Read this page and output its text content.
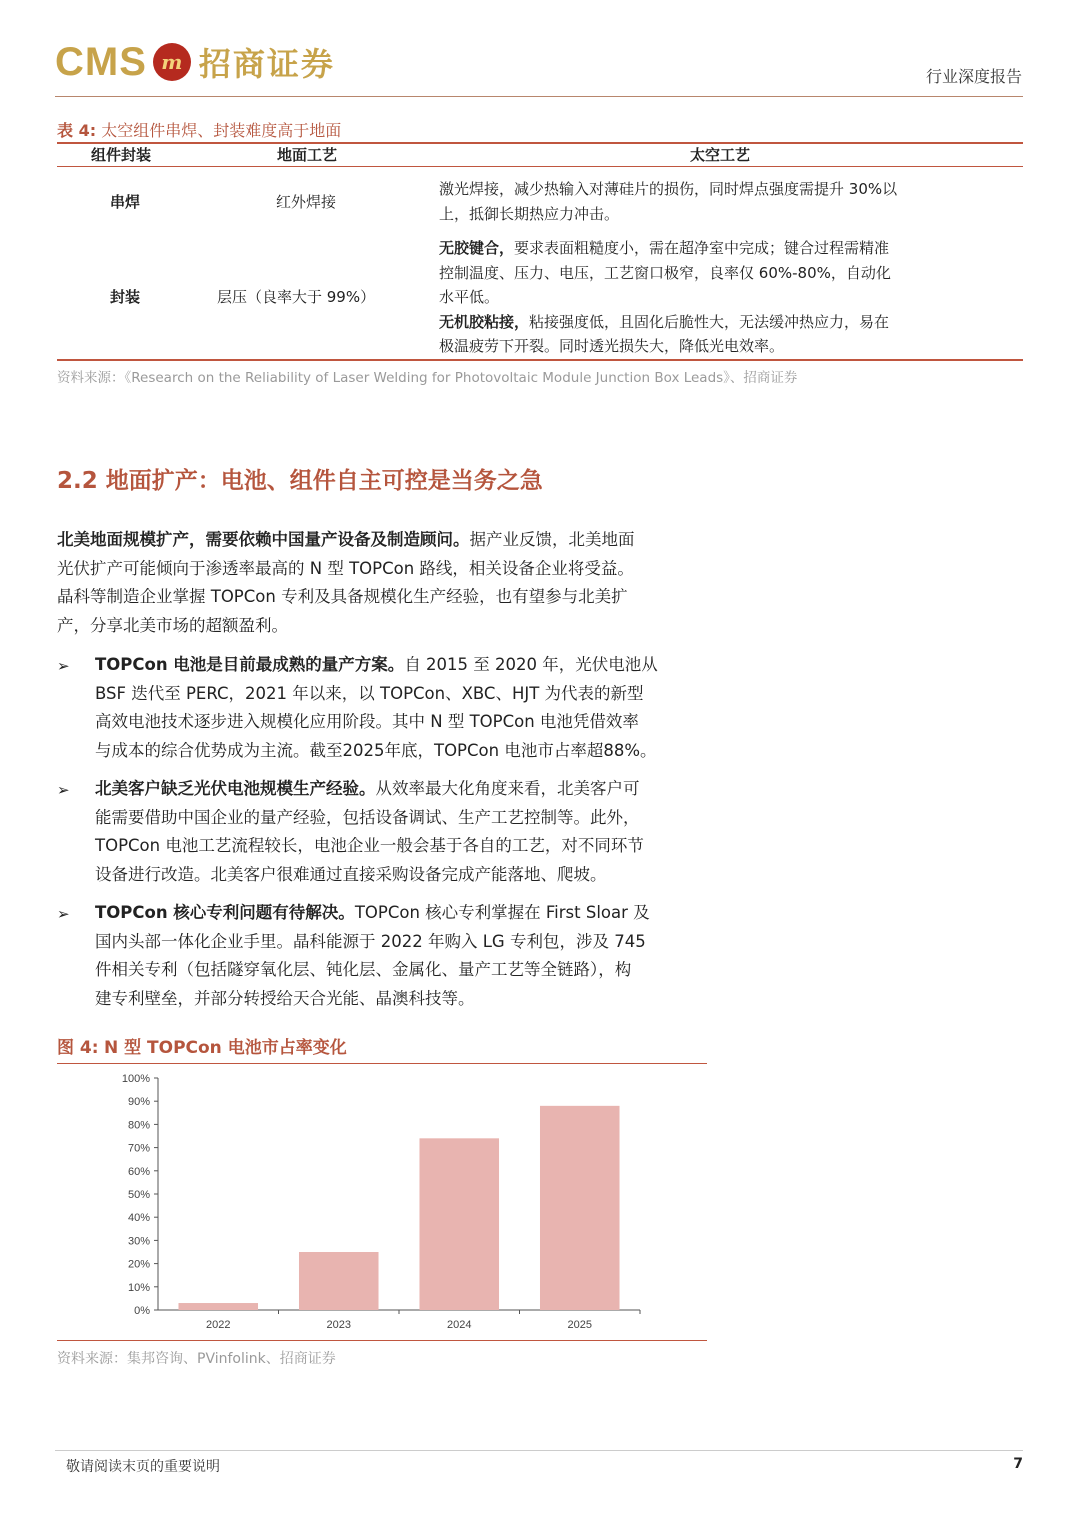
CMS m 招商证券	行业深度报告
表 4: 太空组件串焊、封装难度高于地面
组件封装	地面工艺	太空工艺
串焊	红外焊接
激光焊接，减少热输入对薄硅片的损伤，同时焊点强度需提升 30%以
上，抵御长期热应力冲击。
封装	层压（良率大于 99%）
无胶键合，要求表面粗糙度小，需在超净室中完成；键合过程需精准
控制温度、压力、电压，工艺窗口极窄，良率仅 60%-80%，自动化
水平低。
无机胶粘接，粘接强度低，且固化后脆性大，无法缓冲热应力，易在
极温疲劳下开裂。同时透光损失大，降低光电效率。
资料来源：《Research on the Reliability of Laser Welding for Photovoltaic Module Junction Box Leads》、招商证券
2.2 地面扩产：电池、组件自主可控是当务之急
北美地面规模扩产，需要依赖中国量产设备及制造顾问。据产业反馈，北美地面
光伏扩产可能倾向于渗透率最高的 N 型 TOPCon 路线，相关设备企业将受益。
晶科等制造企业掌握 TOPCon 专利及具备规模化生产经验，也有望参与北美扩
产，分享北美市场的超额盈利。
➢ TOPCon 电池是目前最成熟的量产方案。自 2015 至 2020 年，光伏电池从
BSF 迭代至 PERC，2021 年以来，以 TOPCon、XBC、HJT 为代表的新型
高效电池技术逐步进入规模化应用阶段。其中 N 型 TOPCon 电池凭借效率
与成本的综合优势成为主流。截至2025年底，TOPCon 电池市占率超88%。
➢ 北美客户缺乏光伏电池规模生产经验。从效率最大化角度来看，北美客户可
能需要借助中国企业的量产经验，包括设备调试、生产工艺控制等。此外，
TOPCon 电池工艺流程较长，电池企业一般会基于各自的工艺，对不同环节
设备进行改造。北美客户很难通过直接采购设备完成产能落地、爬坡。
➢ TOPCon 核心专利问题有待解决。TOPCon 核心专利掌握在 First Sloar 及
国内头部一体化企业手里。晶科能源于 2022 年购入 LG 专利包，涉及 745
件相关专利（包括隧穿氧化层、钝化层、金属化、量产工艺等全链路），构
建专利壁垒，并部分转授给天合光能、晶澳科技等。
图 4: N 型 TOPCon 电池市占率变化
0%
10%
20%
30%
40%
50%
60%
70%
80%
90%
100%
2022	2023	2024	2025
资料来源：集邦咨询、PVinfolink、招商证券
敬请阅读末页的重要说明	7
